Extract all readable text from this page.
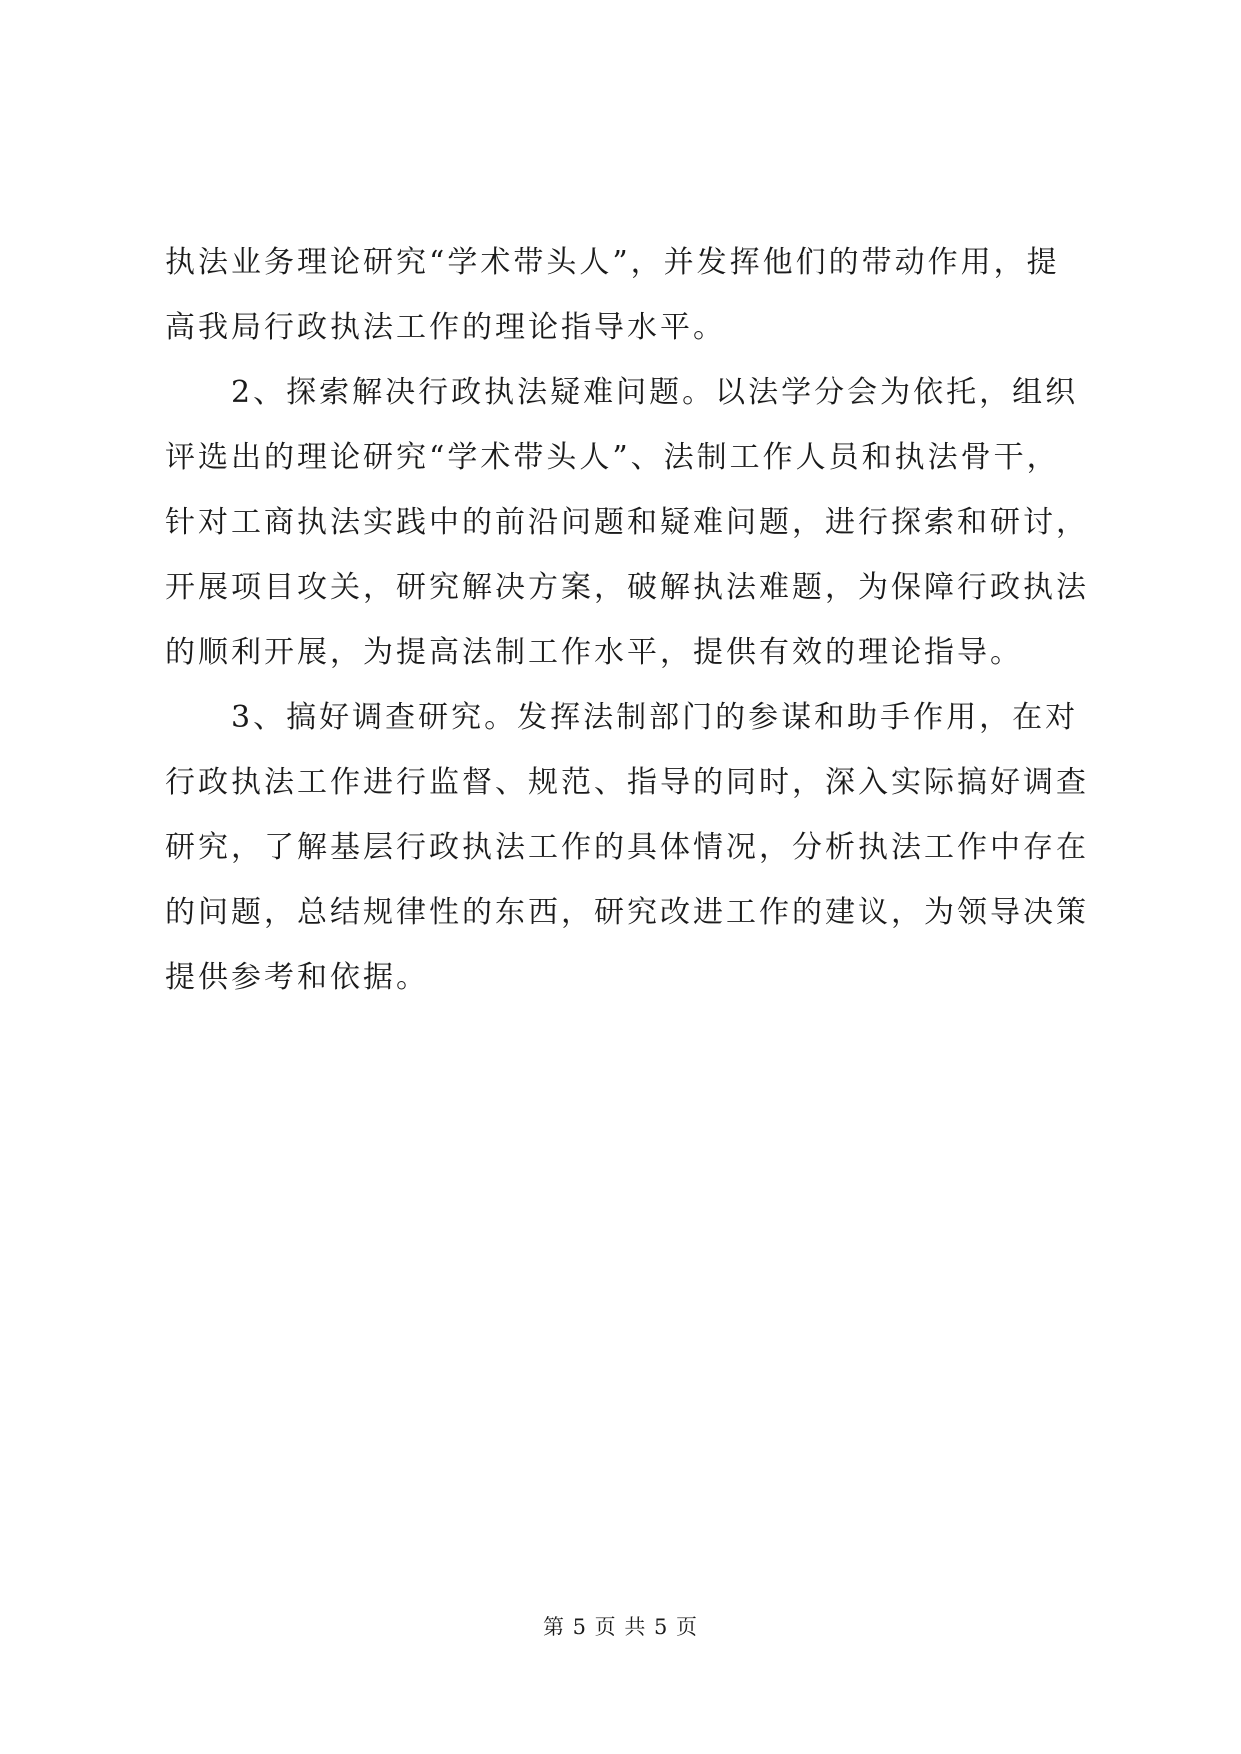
执法业务理论研究“学术带头人”，并发挥他们的带动作用，提
高我局行政执法工作的理论指导水平。
　　2、探索解决行政执法疑难问题。以法学分会为依托，组织
评选出的理论研究“学术带头人”、法制工作人员和执法骨干，
针对工商执法实践中的前沿问题和疑难问题，进行探索和研讨，
开展项目攻关，研究解决方案，破解执法难题，为保障行政执法
的顺利开展，为提高法制工作水平，提供有效的理论指导。
　　3、搞好调查研究。发挥法制部门的参谋和助手作用，在对
行政执法工作进行监督、规范、指导的同时，深入实际搞好调查
研究，了解基层行政执法工作的具体情况，分析执法工作中存在
的问题，总结规律性的东西，研究改进工作的建议，为领导决策
提供参考和依据。
第 5 页 共 5 页
